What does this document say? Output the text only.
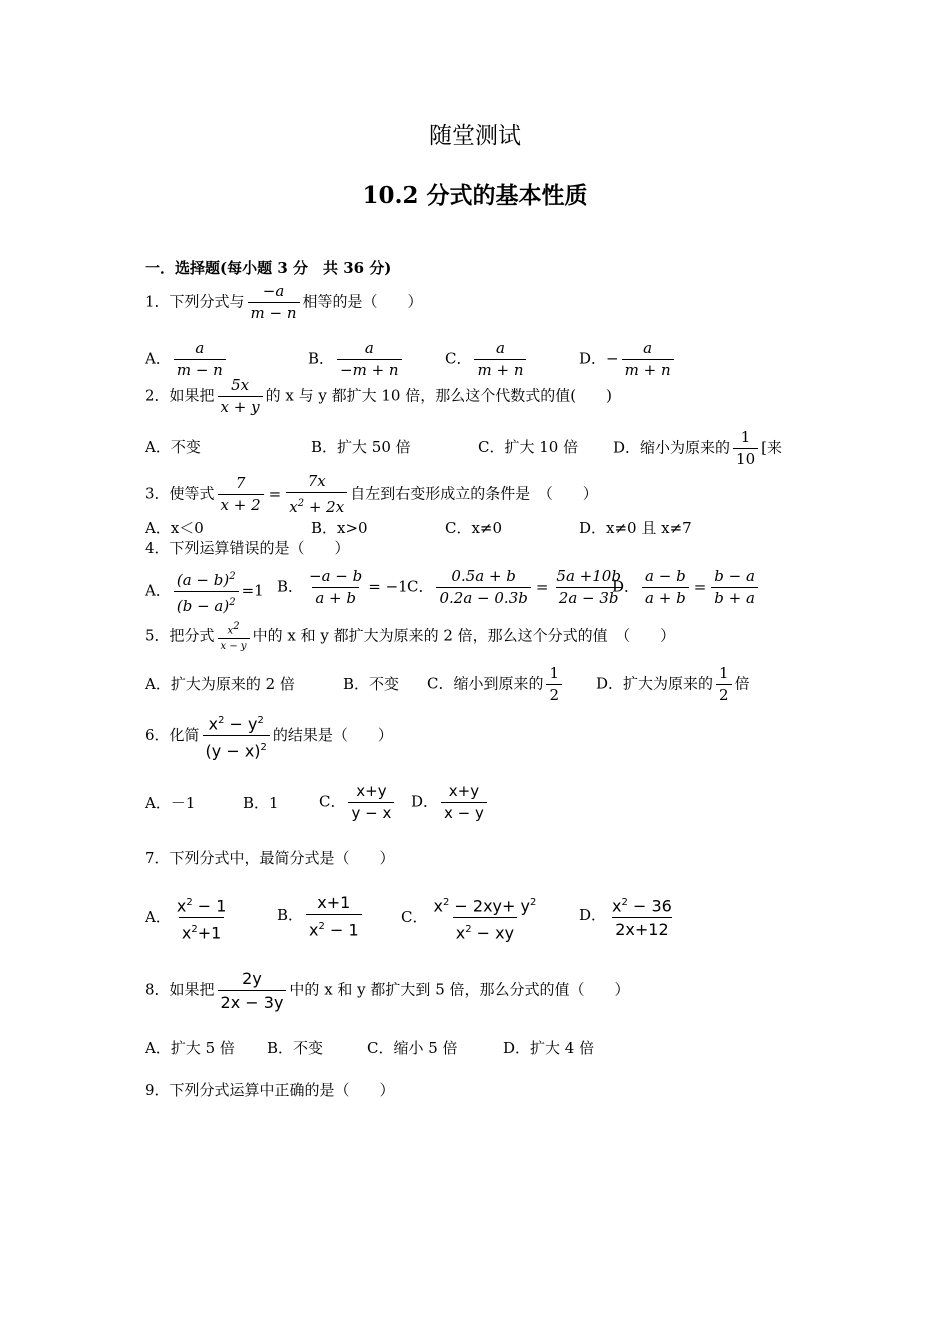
随堂测试
10.2 分式的基本性质
一．选择题(每小题 3 分　共 36 分)
1．下列分式与 $\frac{-a}{m - n}$ 相等的是（　　）
A． $\frac{a}{m - n}$	B． $\frac{a}{-m + n}$	C． $\frac{a}{m + n}$	D．− $\frac{a}{m + n}$
2．如果把 $\frac{5x}{x + y}$ 的 x 与 y 都扩大 10 倍，那么这个代数式的值(　　)
A．不变	B．扩大 50 倍	C．扩大 10 倍 D．缩小为原来的 $\frac{1}{10}$ [来
3．使等式 $\frac{7}{x + 2} = \frac{7x}{x^2 + 2x}$ 自左到右变形成立的条件是　（　　）
A．x＜0	B．x>0	C．x≠0	D．x≠0 且 x≠7
4．下列运算错误的是（　　）
A． $\frac{(a - b)^2}{(b - a)^2} =1$ B． $\frac{-a - b}{a + b} = -1$ C． $\frac{0.5a + b}{0.2a - 0.3b} = \frac{5a +10b}{2a - 3b}$
D． $\frac{a - b}{a + b} = \frac{b - a}{b + a}$
5．把分式 $\frac{x2}{x - y}$ 中的 x 和 y 都扩大为原来的 2 倍，那么这个分式的值　（　　）
A．扩大为原来的 2 倍	B．不变 C．缩小到原来的 $\frac{1}{2}$ D．扩大为原来的 $\frac{1}{2}$ 倍
6．化简 $\frac{x^2 - y^2}{(y - x)^2}$ 的结果是（　　）
A．－1	B．1	C． $\frac{x+y}{y - x}$ D． $\frac{x+y}{x - y}$
7．下列分式中，最简分式是（　　）
A． $\frac{x^2 - 1}{x^2+1}$	B． $\frac{x+1}{x^2 - 1}$	C． $\frac{x^2 - 2xy+ y^2}{x^2 - xy}$	D． $\frac{x^2 - 36}{2x+12}$
8．如果把 $\frac{2y}{2x - 3y}$ 中的 x 和 y 都扩大到 5 倍，那么分式的值（　　）
A．扩大 5 倍 B．不变	C．缩小 5 倍	D．扩大 4 倍
9．下列分式运算中正确的是（　　）
